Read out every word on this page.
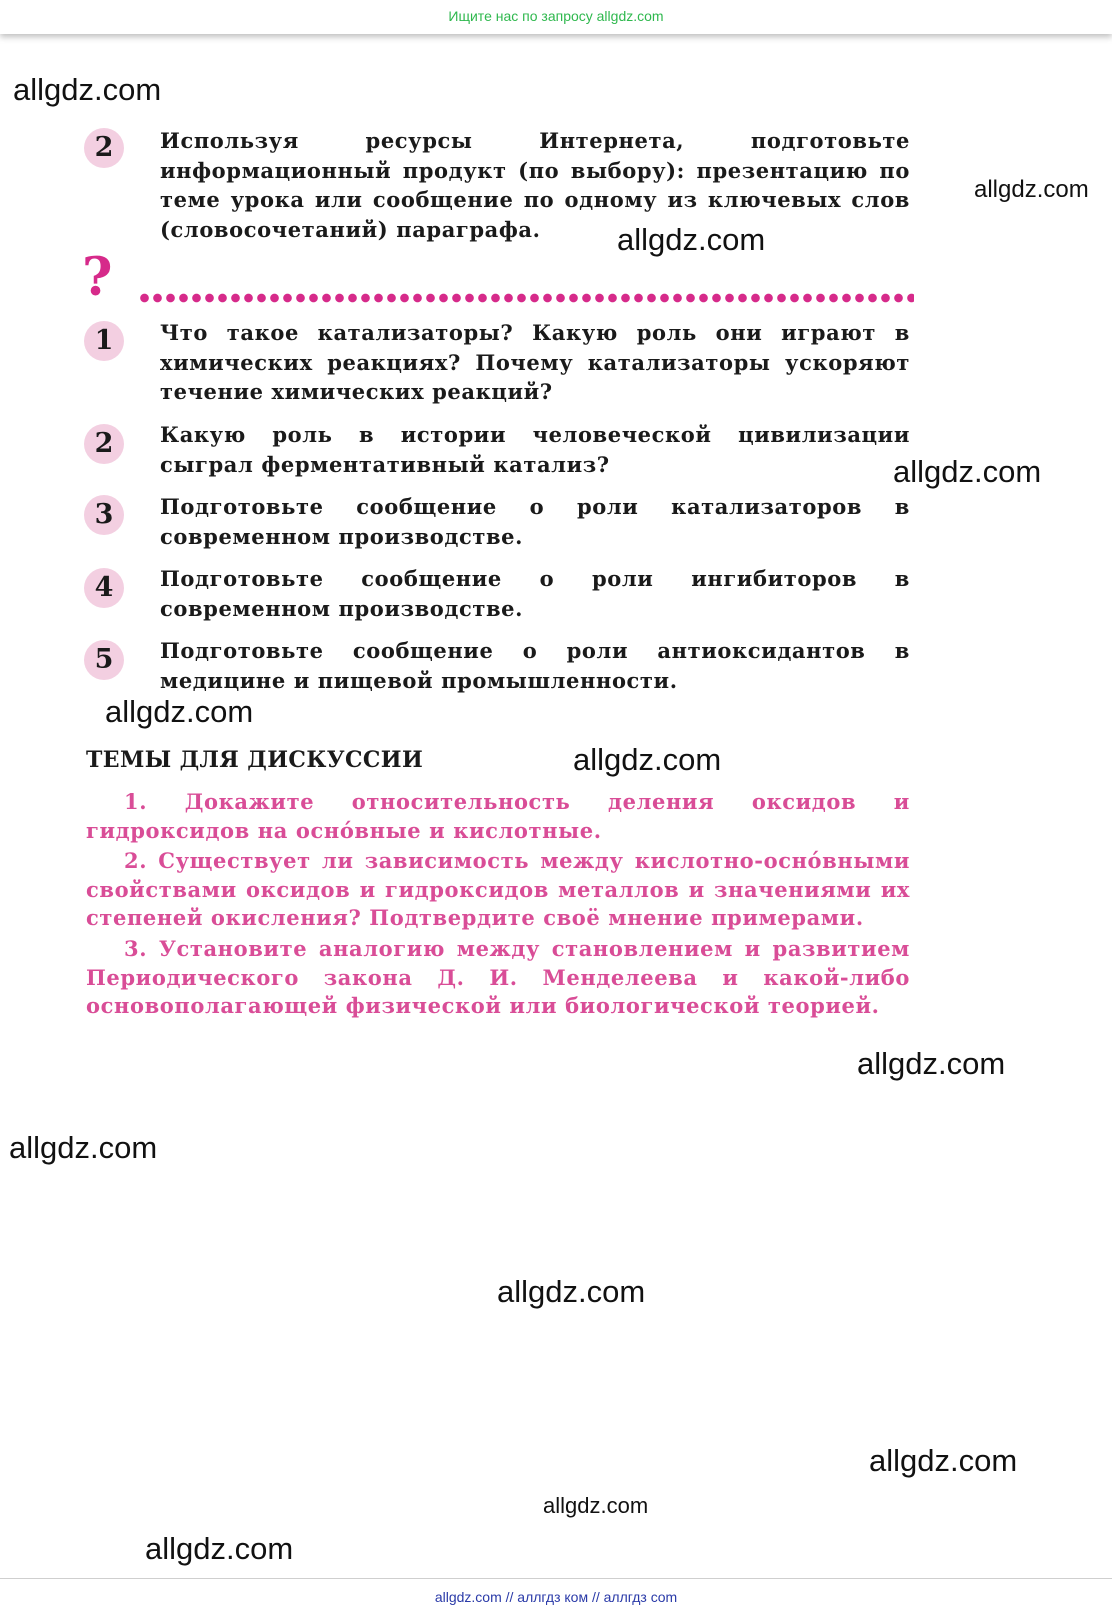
Ищите нас по запросу allgdz.com
2	Используя ресурсы Интернета, подготовьте информационный продукт (по выбору): презентацию по теме урока или сообщение по одному из ключевых слов (словосочетаний) параграфа.
?
1	Что такое катализаторы? Какую роль они играют в химических реакциях? Почему катализаторы ускоряют течение химических реакций?
2	Какую роль в истории человеческой цивилизации сыграл ферментативный катализ?
3	Подготовьте сообщение о роли катализаторов в современном производстве.
4	Подготовьте сообщение о роли ингибиторов в современном производстве.
5	Подготовьте сообщение о роли антиоксидантов в медицине и пищевой промышленности.
ТЕМЫ ДЛЯ ДИСКУССИИ
1. Докажите относительность деления оксидов и гидроксидов на оснóвные и кислотные.
2. Существует ли зависимость между кислотно-оснóвными свойствами оксидов и гидроксидов металлов и значениями их степеней окисления? Подтвердите своё мнение примерами.
3. Установите аналогию между становлением и развитием Периодического закона Д. И. Менделеева и какой-либо основополагающей физической или биологической теорией.
allgdz.com
allgdz.com
allgdz.com
allgdz.com
allgdz.com
allgdz.com
allgdz.com
allgdz.com
allgdz.com
allgdz.com
allgdz.com
allgdz.com
allgdz.com // аллгдз ком // аллгдз com
